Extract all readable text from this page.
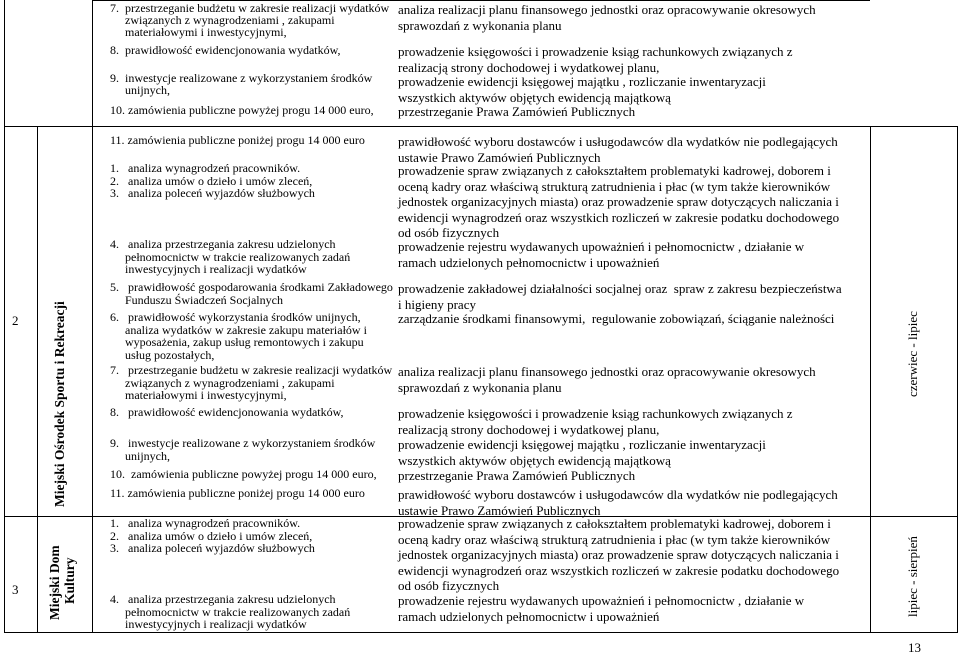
7.  przestrzeganie budżetu w zakresie realizacji wydatków
związanych z wynagrodzeniami , zakupami
materiałowymi i inwestycyjnymi,
8.  prawidłowość ewidencjonowania wydatków,
9.  inwestycje realizowane z wykorzystaniem środków
unijnych,
10. zamówienia publiczne powyżej progu 14 000 euro,
analiza realizacji planu finansowego jednostki oraz opracowywanie okresowych
sprawozdań z wykonania planu
prowadzenie księgowości i prowadzenie ksiąg rachunkowych związanych z
realizacją strony dochodowej i wydatkowej planu,
prowadzenie ewidencji księgowej majątku , rozliczanie inwentaryzacji
wszystkich aktywów objętych ewidencją majątkową
przestrzeganie Prawa Zamówień Publicznych
2 Miejski Ośrodek Sportu i Rekreacji	czerwiec - lipiec
11. zamówienia publiczne poniżej progu 14 000 euro
1.   analiza wynagrodzeń pracowników.
2.   analiza umów o dzieło i umów zleceń,
3.   analiza poleceń wyjazdów służbowych
4.   analiza przestrzegania zakresu udzielonych
pełnomocnictw w trakcie realizowanych zadań
inwestycyjnych i realizacji wydatków
5.   prawidłowość gospodarowania środkami Zakładowego
Funduszu Świadczeń Socjalnych
6.   prawidłowość wykorzystania środków unijnych,
analiza wydatków w zakresie zakupu materiałów i
wyposażenia, zakup usług remontowych i zakupu
usług pozostałych,
7.   przestrzeganie budżetu w zakresie realizacji wydatków
związanych z wynagrodzeniami , zakupami
materiałowymi i inwestycyjnymi,
8.   prawidłowość ewidencjonowania wydatków,
9.   inwestycje realizowane z wykorzystaniem środków
unijnych,
10.  zamówienia publiczne powyżej progu 14 000 euro,
prawidłowość wyboru dostawców i usługodawców dla wydatków nie podlegających
ustawie Prawo Zamówień Publicznych
prowadzenie spraw związanych z całokształtem problematyki kadrowej, doborem i
oceną kadry oraz właściwą strukturą zatrudnienia i płac (w tym także kierowników
jednostek organizacyjnych miasta) oraz prowadzenie spraw dotyczących naliczania i
ewidencji wynagrodzeń oraz wszystkich rozliczeń w zakresie podatku dochodowego
od osób fizycznych
prowadzenie rejestru wydawanych upoważnień i pełnomocnictw , działanie w
ramach udzielonych pełnomocnictw i upoważnień
prowadzenie zakładowej działalności socjalnej oraz  spraw z zakresu bezpieczeństwa
i higieny pracy
zarządzanie środkami finansowymi,  regulowanie zobowiązań, ściąganie należności
analiza realizacji planu finansowego jednostki oraz opracowywanie okresowych
sprawozdań z wykonania planu
prowadzenie księgowości i prowadzenie ksiąg rachunkowych związanych z
realizacją strony dochodowej i wydatkowej planu,
prowadzenie ewidencji księgowej majątku , rozliczanie inwentaryzacji
wszystkich aktywów objętych ewidencją majątkową
przestrzeganie Prawa Zamówień Publicznych
3 Miejski Dom Kultury	lipiec - sierpień
11. zamówienia publiczne poniżej progu 14 000 euro
1.   analiza wynagrodzeń pracowników.
2.   analiza umów o dzieło i umów zleceń,
3.   analiza poleceń wyjazdów służbowych
4.   analiza przestrzegania zakresu udzielonych
pełnomocnictw w trakcie realizowanych zadań
inwestycyjnych i realizacji wydatków
prawidłowość wyboru dostawców i usługodawców dla wydatków nie podlegających
ustawie Prawo Zamówień Publicznych
prowadzenie spraw związanych z całokształtem problematyki kadrowej, doborem i
oceną kadry oraz właściwą strukturą zatrudnienia i płac (w tym także kierowników
jednostek organizacyjnych miasta) oraz prowadzenie spraw dotyczących naliczania i
ewidencji wynagrodzeń oraz wszystkich rozliczeń w zakresie podatku dochodowego
od osób fizycznych
prowadzenie rejestru wydawanych upoważnień i pełnomocnictw , działanie w
ramach udzielonych pełnomocnictw i upoważnień
13
